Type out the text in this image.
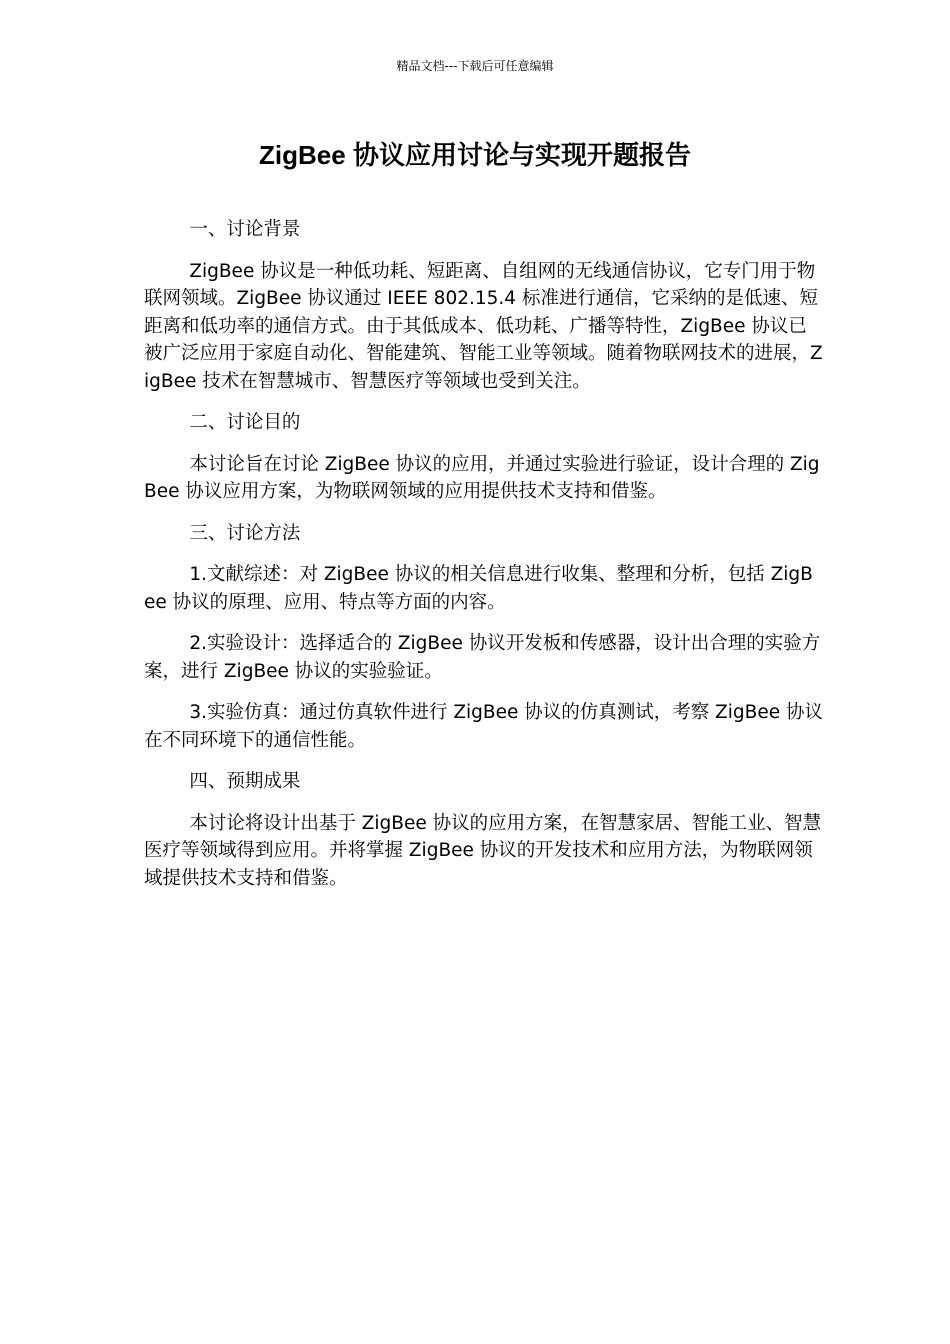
精品文档---下载后可任意编辑
ZigBee 协议应用讨论与实现开题报告

一、讨论背景

ZigBee 协议是一种低功耗、短距离、自组网的无线通信协议，它专门用于物联网领域。ZigBee 协议通过 IEEE 802.15.4 标准进行通信，它采纳的是低速、短距离和低功率的通信方式。由于其低成本、低功耗、广播等特性，ZigBee 协议已被广泛应用于家庭自动化、智能建筑、智能工业等领域。随着物联网技术的进展，ZigBee 技术在智慧城市、智慧医疗等领域也受到关注。

二、讨论目的

本讨论旨在讨论 ZigBee 协议的应用，并通过实验进行验证，设计合理的 ZigBee 协议应用方案，为物联网领域的应用提供技术支持和借鉴。

三、讨论方法

1.文献综述：对 ZigBee 协议的相关信息进行收集、整理和分析，包括 ZigBee 协议的原理、应用、特点等方面的内容。

2.实验设计：选择适合的 ZigBee 协议开发板和传感器，设计出合理的实验方案，进行 ZigBee 协议的实验验证。

3.实验仿真：通过仿真软件进行 ZigBee 协议的仿真测试，考察 ZigBee 协议在不同环境下的通信性能。

四、预期成果

本讨论将设计出基于 ZigBee 协议的应用方案，在智慧家居、智能工业、智慧医疗等领域得到应用。并将掌握 ZigBee 协议的开发技术和应用方法，为物联网领域提供技术支持和借鉴。
